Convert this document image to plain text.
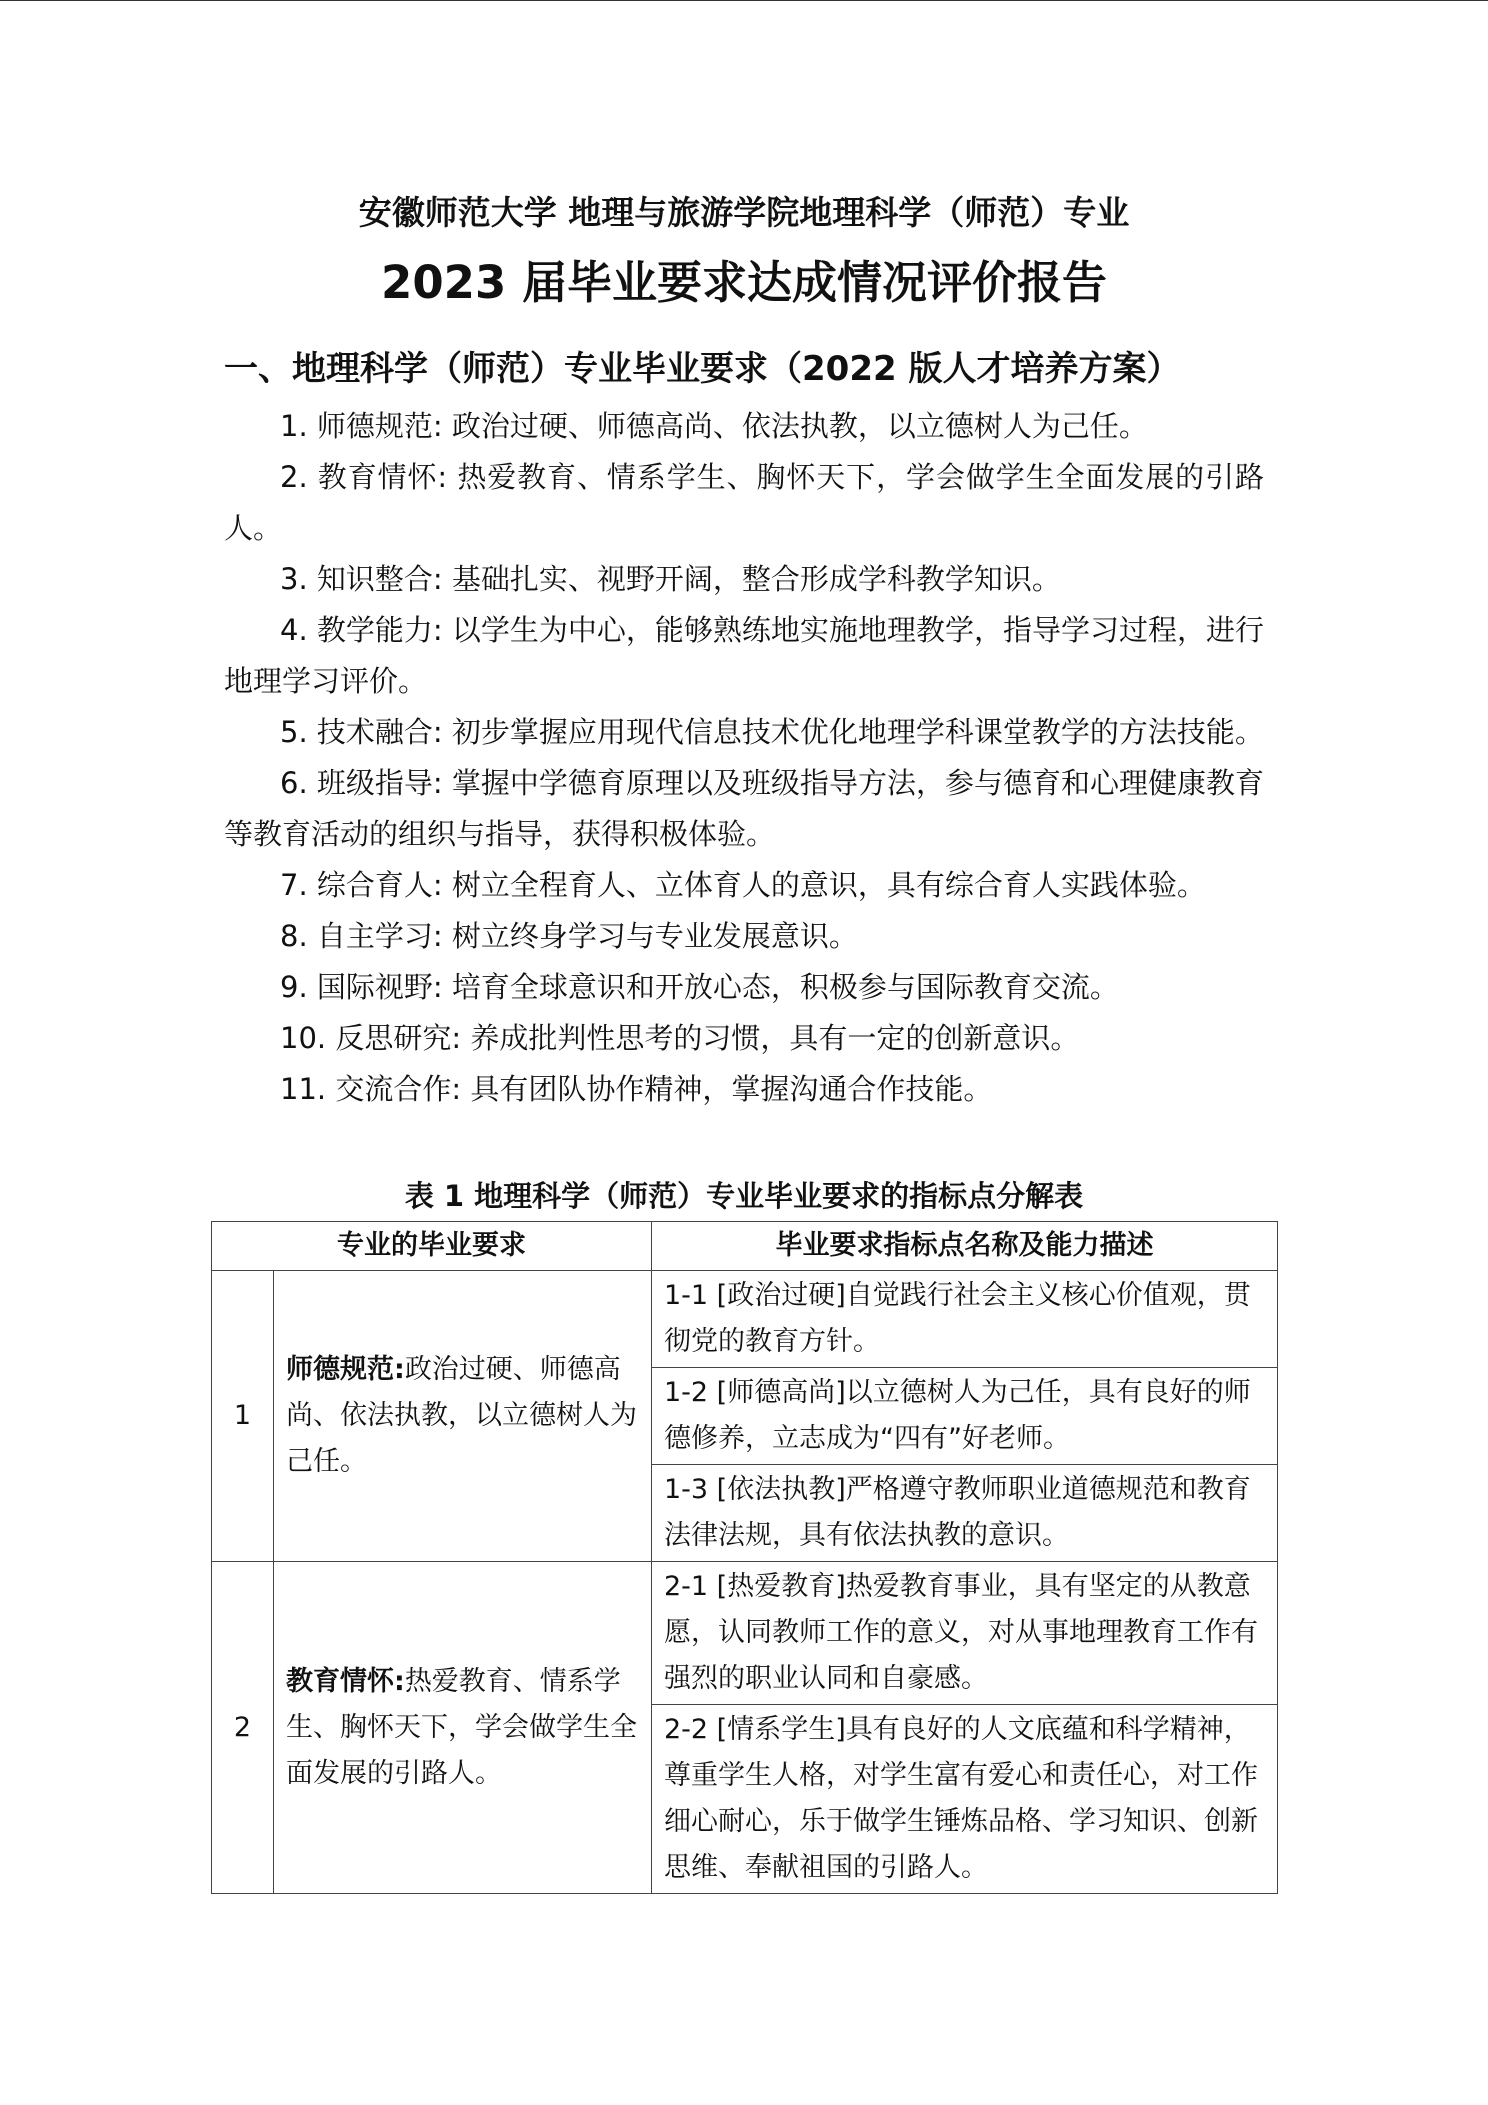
安徽师范大学 地理与旅游学院地理科学（师范）专业
2023 届毕业要求达成情况评价报告
一、地理科学（师范）专业毕业要求（2022 版人才培养方案）

1. 师德规范: 政治过硬、师德高尚、依法执教，以立德树人为己任。

2. 教育情怀: 热爱教育、情系学生、胸怀天下，学会做学生全面发展的引路人。

3. 知识整合: 基础扎实、视野开阔，整合形成学科教学知识。

4. 教学能力: 以学生为中心，能够熟练地实施地理教学，指导学习过程，进行地理学习评价。

5. 技术融合: 初步掌握应用现代信息技术优化地理学科课堂教学的方法技能。

6. 班级指导: 掌握中学德育原理以及班级指导方法，参与德育和心理健康教育等教育活动的组织与指导，获得积极体验。

7. 综合育人: 树立全程育人、立体育人的意识，具有综合育人实践体验。

8. 自主学习: 树立终身学习与专业发展意识。

9. 国际视野: 培育全球意识和开放心态，积极参与国际教育交流。

10. 反思研究: 养成批判性思考的习惯，具有一定的创新意识。

11. 交流合作: 具有团队协作精神，掌握沟通合作技能。

表 1 地理科学（师范）专业毕业要求的指标点分解表
专业的毕业要求		毕业要求指标点名称及能力描述
1	师德规范:政治过硬、师德高尚、依法执教，以立德树人为己任。	1-1 [政治过硬]自觉践行社会主义核心价值观，贯彻党的教育方针。
		1-2 [师德高尚]以立德树人为己任，具有良好的师德修养，立志成为“四有”好老师。
		1-3 [依法执教]严格遵守教师职业道德规范和教育法律法规，具有依法执教的意识。
2	教育情怀:热爱教育、情系学生、胸怀天下，学会做学生全面发展的引路人。	2-1 [热爱教育]热爱教育事业，具有坚定的从教意愿，认同教师工作的意义，对从事地理教育工作有强烈的职业认同和自豪感。
		2-2 [情系学生]具有良好的人文底蕴和科学精神，尊重学生人格，对学生富有爱心和责任心，对工作细心耐心，乐于做学生锤炼品格、学习知识、创新思维、奉献祖国的引路人。
